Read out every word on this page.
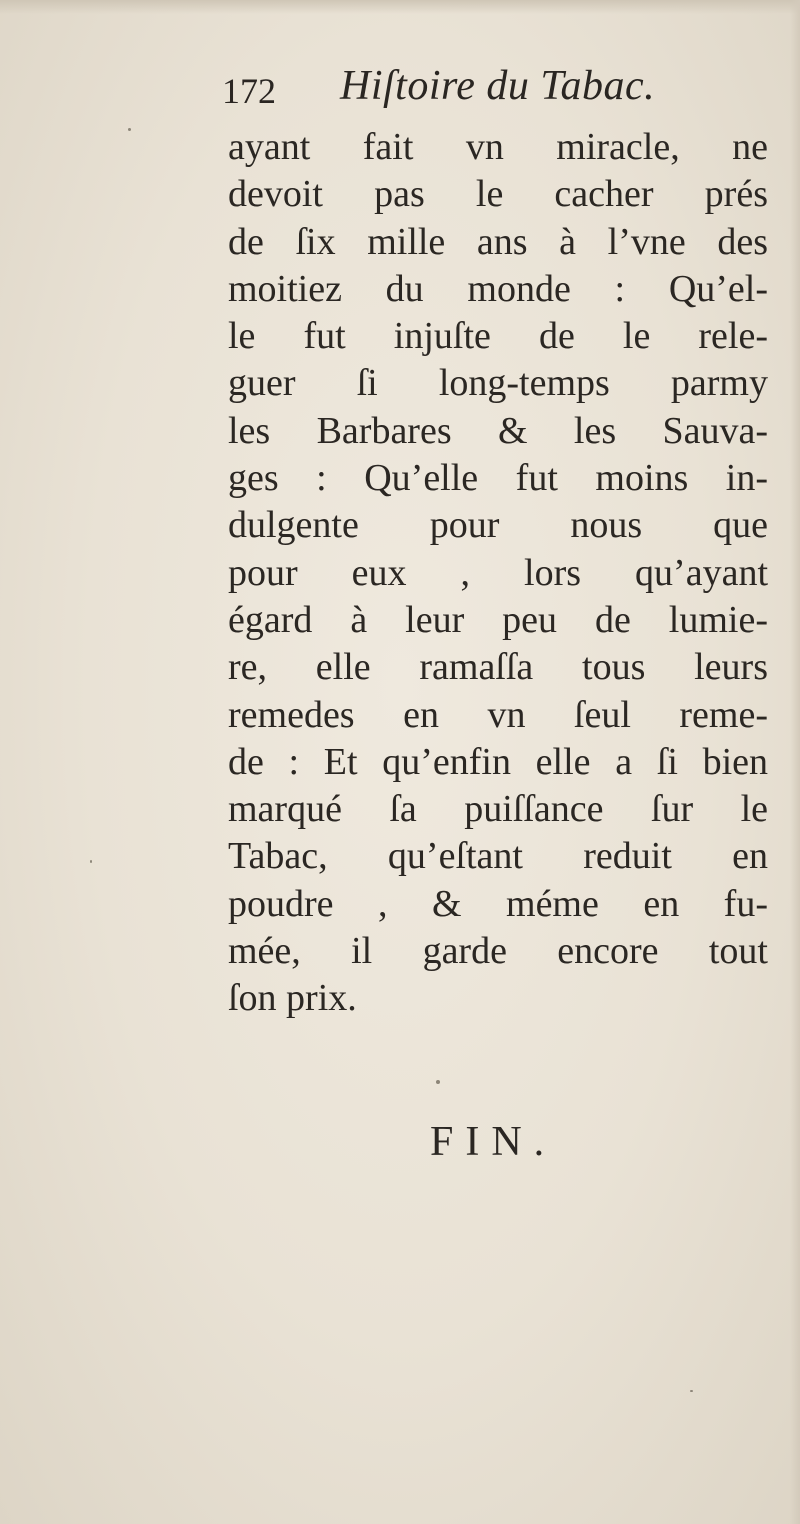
172 Hiſtoire du Tabac.
ayant fait vn miracle, ne
devoit pas le cacher prés
de ſix mille ans à l’vne des
moitiez du monde : Qu’el-
le fut injuſte de le rele-
guer ſi long-temps parmy
les Barbares & les Sauva-
ges : Qu’elle fut moins in-
dulgente pour nous que
pour eux , lors qu’ayant
égard à leur peu de lumie-
re, elle ramaſſa tous leurs
remedes en vn ſeul reme-
de : Et qu’enfin elle a ſi bien
marqué ſa puiſſance ſur le
Tabac, qu’eſtant reduit en
poudre , & méme en fu-
mée, il garde encore tout
ſon prix.
FIN.
